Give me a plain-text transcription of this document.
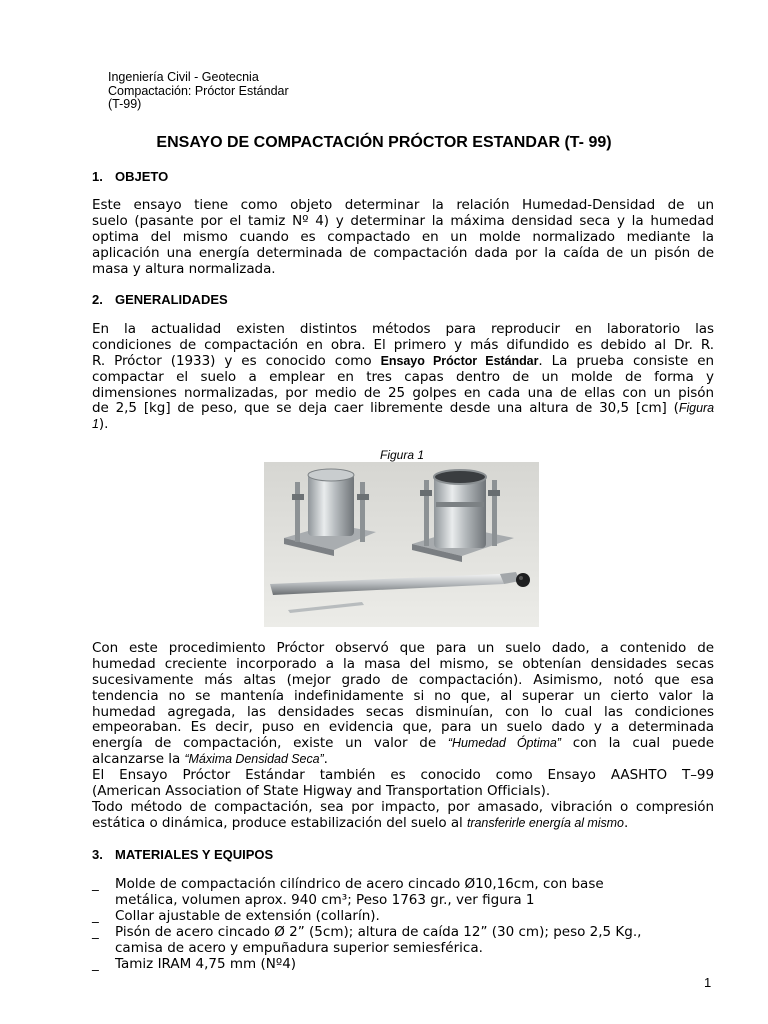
Ingeniería Civil - Geotecnia
Compactación: Próctor Estándar
(T-99)
ENSAYO DE COMPACTACIÓN PRÓCTOR ESTANDAR (T- 99)
1. OBJETO
Este ensayo tiene como objeto determinar la relación Humedad-Densidad de un
suelo (pasante por el tamiz Nº 4) y determinar la máxima densidad seca y la humedad
optima del mismo cuando es compactado en un molde normalizado mediante la
aplicación una energía determinada de compactación dada por la caída de un pisón de
masa y altura normalizada.
2. GENERALIDADES
En la actualidad existen distintos métodos para reproducir en laboratorio las
condiciones de compactación en obra. El primero y más difundido es debido al Dr. R.
R. Próctor (1933) y es conocido como Ensayo Próctor Estándar. La prueba consiste en
compactar el suelo a emplear en tres capas dentro de un molde de forma y
dimensiones normalizadas, por medio de 25 golpes en cada una de ellas con un pisón
de 2,5 [kg] de peso, que se deja caer libremente desde una altura de 30,5 [cm] (Figura
1).
Figura 1
Con este procedimiento Próctor observó que para un suelo dado, a contenido de
humedad creciente incorporado a la masa del mismo, se obtenían densidades secas
sucesivamente más altas (mejor grado de compactación). Asimismo, notó que esa
tendencia no se mantenía indefinidamente si no que, al superar un cierto valor la
humedad agregada, las densidades secas disminuían, con lo cual las condiciones
empeoraban. Es decir, puso en evidencia que, para un suelo dado y a determinada
energía de compactación, existe un valor de “Humedad Óptima” con la cual puede
alcanzarse la “Máxima Densidad Seca”.
El Ensayo Próctor Estándar también es conocido como Ensayo AASHTO T–99
(American Association of State Higway and Transportation Officials).
Todo método de compactación, sea por impacto, por amasado, vibración o compresión
estática o dinámica, produce estabilización del suelo al transferirle energía al mismo.
3. MATERIALES Y EQUIPOS
_ Molde de compactación cilíndrico de acero cincado Ø10,16cm, con base
metálica, volumen aprox. 940 cm³; Peso 1763 gr., ver figura 1
_ Collar ajustable de extensión (collarín).
_ Pisón de acero cincado Ø 2” (5cm); altura de caída 12” (30 cm); peso 2,5 Kg.,
camisa de acero y empuñadura superior semiesférica.
_ Tamiz IRAM 4,75 mm (Nº4)
1
